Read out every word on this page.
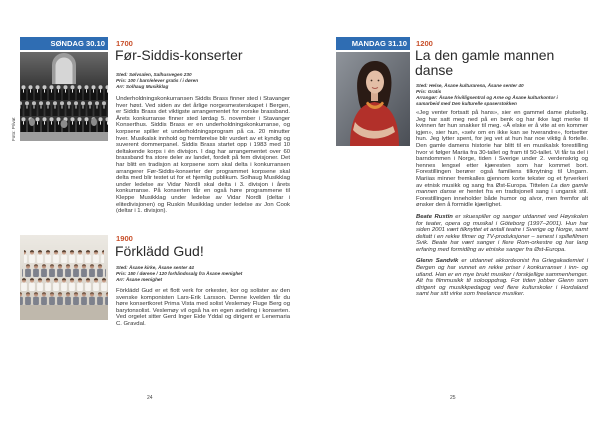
SØNDAG 30.10
Foto: Privat
1700
Før-Siddis-konserter
Sted: Sølvsalen, Salhusvegen 230
Pris: 100 / barn/elever gratis / i døren
Arr: Solhaug Musikklag

Underholdningskonkurransen Siddis Brass finner sted i Stavanger hver høst. Ved siden av det årlige norgesmesterskapet i Bergen, er Siddis Brass det viktigste arrangementet for norske brassband. Årets konkurranse finner sted lørdag 5. november i Stavanger Konserthus. Siddis Brass er en underholdningskonkurranse, og korpsene spiller et underholdningsprogram på ca. 20 minutter hver. Musikalsk innhold og fremførelse blir vurdert av et kyndig og suverent dommerpanel. Siddis Brass startet opp i 1983 med 10 deltakende korps i én divisjon. I dag har arrangementet over 60 brassband fra store deler av landet, fordelt på fem divisjoner. Det har blitt en tradisjon at korpsene som skal delta i konkurransen arrangerer Før-Siddis-konserter der programmet korpsene skal delta med blir testet ut for et hjemlig publikum. Solhaug Musikklag under ledelse av Vidar Nordli skal delta i 3. divisjon i årets konkurranse. På konserten får en også høre programmene til Kleppe Musikklag under ledelse av Vidar Nordli (deltar i elitedivisjonen) og Ruskin Musikklag under ledelse av Jon Cook (deltar i 1. divisjon).

1900
Förklädd Gud!
Sted: Åsane kirke, Åsane senter 44
Pris: 150 / dørene / 120 forhåndssalg fra Åsane menighet
Arr: Åsane menighet

Förklädd Gud er et flott verk for orkester, kor og solister av den svenske komponisten Lars-Erik Larsson. Denne kvelden får du høre konsertkoret Prima Vista med solist Veslemøy Fluge Berg og barytonsolist. Veslemøy vil også ha en egen avdeling i konserten. Ved orgelet sitter Gerd Inger Eide Yddal og dirigent er Lenemaria C. Gravdal.

24
MANDAG 31.10	1200
La den gamle mannen danse
Sted: Helse, Åsane kulturarena, Åsane senter 40
Pris: Gratis
Arrangør: Åsane frivilligsentral og Arne og Åsane kulturkontor i samarbeid med Den kulturelle spaserstokken

«Jeg venter fortsatt på hans», sier en gammel dame plutselig. Jeg har satt meg ned på en benk og har ikke lagt merke til kvinnen før hun snakker til meg. «Å elske er å vite at en kommer igjen», sier hun, «selv om en ikke kan se hverandre», fortsetter hun. Jeg lytter spent, for jeg vet at hun har noe viktig å fortelle. Den gamle damens historie har blitt til en musikalsk forestilling hvor vi følger Mariia fra 30-tallet og fram til 50-tallet. Vi får ta del i barndommen i Norge, tiden i Sverige under 2. verdenskrig og hennes lengsel etter kjæresten som har kommet bort. Forestillingen berører også familiens tilknytning til Ungarn. Mariias minner fremkalles gjennom korte tekster og et fyrverkeri av etnisk musikk og sang fra Øst-Europa. Tittelen La den gamle mannen danse er hentet fra en tradisjonell sang i ungarsk stil. Forestillingen inneholder både humor og alvor, men fremfor alt ønsker den å formidle kjærlighet.

Beate Rustin er skuespiller og sanger utdannet ved Høyskolen for teater, opera og musikal i Göteborg (1997–2001). Hun har siden 2001 vært tilknyttet et antall teatre i Sverige og Norge, samt deltatt i en rekke filmer og TV-produksjoner – senest i spillefilmen Svik. Beate har vært sanger i flere Rom-orkestre og har lang erfaring med formidling av etniske sanger fra Øst-Europa.

Glenn Sandvik er utdannet akkordeonist fra Griegakademiet i Bergen og har vunnet en rekke priser i konkurranser i inn- og utland. Han er en mye brukt musiker i forskjellige sammenhenger. Alt fra filmmusikk til solooppdrag. For tiden jobber Glenn som dirigent og musikkpedagog ved flere kulturskoler i Hordaland samt har sitt virke som freelance musiker.

25
